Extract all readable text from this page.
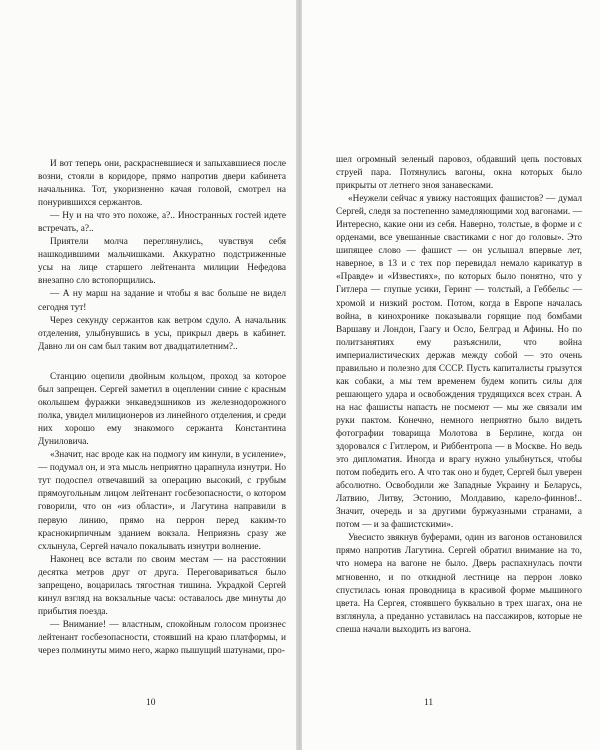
И вот теперь они, раскрасневшиеся и запыхавшиеся после возни, стояли в коридоре, прямо напротив двери кабинета начальника. Тот, укоризненно качая головой, смотрел на понурившихся сержантов.

— Ну и на что это похоже, а?.. Иностранных гостей идете встречать, а?..

Приятели молча переглянулись, чувствуя себя нашкодившими мальчишками. Аккуратно подстриженные усы на лице старшего лейтенанта милиции Нефедова внезапно сло встопорщились.

— А ну марш на задание и чтобы я вас больше не видел сегодня тут!

Через секунду сержантов как ветром сдуло. А начальник отделения, улыбнувшись в усы, прикрыл дверь в кабинет. Давно ли он сам был таким вот двадцатилетним?..

Станцию оцепили двойным кольцом, проход за которое был запрещен. Сергей заметил в оцеплении синие с красным околышем фуражки энкаведэшников из железнодорожного полка, увидел милиционеров из линейного отделения, и среди них хорошо ему знакомого сержанта Константина Дуниловича.

«Значит, нас вроде как на подмогу им кинули, в усиление», — подумал он, и эта мысль неприятно царапнула изнутри. Но тут подоспел отвечавший за операцию высокий, с грубым прямоугольным лицом лейтенант госбезопасности, о котором говорили, что он «из области», и Лагутина направили в первую линию, прямо на перрон перед каким-то краснокирпичным зданием вокзала. Неприязнь сразу же схлынула, Сергей начало покалывать изнутри волнение.

Наконец все встали по своим местам — на расстоянии десятка метров друг от друга. Переговариваться было запрещено, воцарилась тягостная тишина. Украдкой Сергей кинул взгляд на вокзальные часы: оставалось две минуты до прибытия поезда.

— Внимание! — властным, спокойным голосом произнес лейтенант госбезопасности, стоявший на краю платформы, и через полминуты мимо него, жарко пышущий шатунами, про-

10

шел огромный зеленый паровоз, обдавший цепь постовых струей пара. Потянулись вагоны, окна которых было прикрыты от летнего зноя занавесками.

«Неужели сейчас я увижу настоящих фашистов? — думал Сергей, следя за постепенно замедляющими ход вагонами. — Интересно, какие они из себя. Наверно, толстые, в форме и с орденами, все увешанные свастиками с ног до головы». Это шипящее слово — фашист — он услышал впервые лет, наверное, в 13 и с тех пор перевидал немало карикатур в «Правде» и «Известиях», по которых было понятно, что у Гитлера — глупые усики, Геринг — толстый, а Геббельс — хромой и низкий ростом. Потом, когда в Европе началась война, в кинохронике показывали горящие под бомбами Варшаву и Лондон, Гаагу и Осло, Белград и Афины. Но по политзанятиях ему разъяснили, что война империалистических держав между собой — это очень правильно и полезно для СССР. Пусть капиталисты грызутся как собаки, а мы тем временем будем копить силы для решающего удара и освобождения трудящихся всех стран. А на нас фашисты напасть не посмеют — мы же связали им руки пактом. Конечно, немного неприятно было видеть фотографии товарища Молотова в Берлине, когда он здоровался с Гитлером, и Риббентропа — в Москве. Но ведь это дипломатия. Иногда и врагу нужно улыбнуться, чтобы потом победить его. А что так оно и будет, Сергей был уверен абсолютно. Освободили же Западные Украину и Беларусь, Латвию, Литву, Эстонию, Молдавию, карело-финнов!.. Значит, очередь и за другими буржуазными странами, а потом — и за фашистскими».

Увесисто звякнув буферами, один из вагонов остановился прямо напротив Лагутина. Сергей обратил внимание на то, что номера на вагоне не было. Дверь распахнулась почти мгновенно, и по откидной лестнице на перрон ловко спустилась юная проводница в красивой форме мышиного цвета. На Сергея, стоявшего буквально в трех шагах, она не взглянула, а преданно уставилась на пассажиров, которые не спеша начали выходить из вагона.

11
